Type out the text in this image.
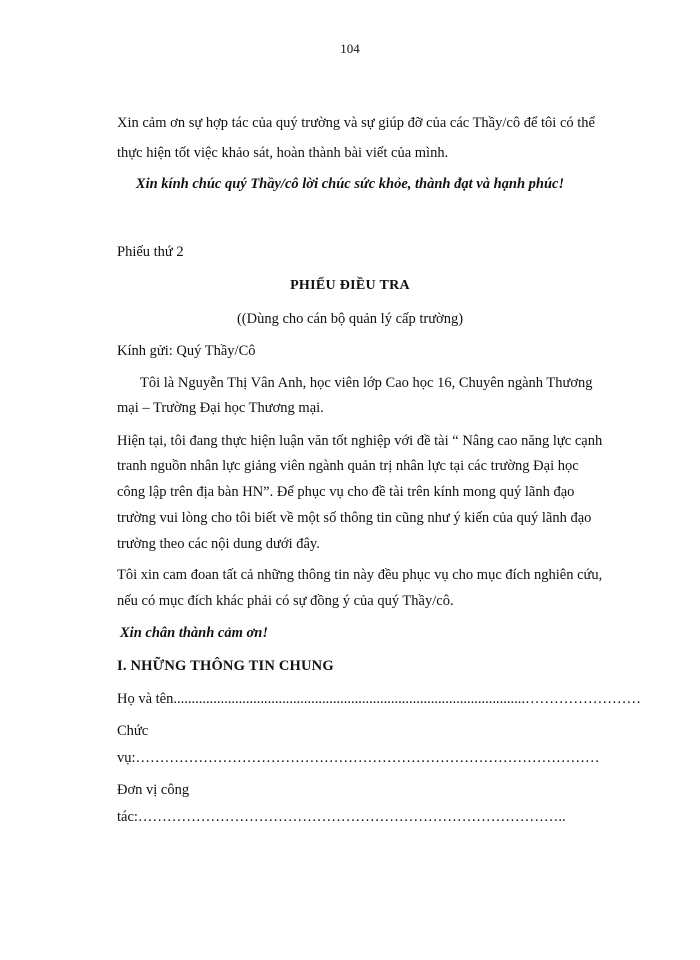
104
Xin cảm ơn sự hợp tác của quý trường và sự giúp đỡ của các Thầy/cô để tôi có thể
thực hiện tốt việc khảo sát, hoàn thành bài viết của mình.
Xin kính chúc quý Thầy/cô lời chúc sức khỏe, thành đạt và hạnh phúc!
Phiếu thứ 2
PHIẾU ĐIỀU TRA
((Dùng cho cán bộ quản lý cấp trường)
Kính gửi: Quý Thầy/Cô
Tôi là Nguyễn Thị Vân Anh, học viên lớp Cao học 16, Chuyên ngành Thương
mại – Trường Đại học Thương mại.
Hiện tại, tôi đang thực hiện luận văn tốt nghiệp với đề tài “ Nâng cao năng lực cạnh
tranh nguồn nhân lực giảng viên ngành quản trị nhân lực tại các trường Đại học
công lập trên địa bàn HN”. Để phục vụ cho đề tài trên kính mong quý lãnh đạo
trường vui lòng cho tôi biết về một số thông tin cũng như ý kiến của quý lãnh đạo
trường theo các nội dung dưới đây.
Tôi xin cam đoan tất cả những thông tin này đều phục vụ cho mục đích nghiên cứu,
nếu có mục đích khác phải có sự đồng ý của quý Thầy/cô.
Xin chân thành cảm ơn!
I. NHỮNG THÔNG TIN CHUNG
Họ và tên.................................................................................................……………………
Chức
vụ:……………………………………………………………………………………
Đơn vị công
tác:……………………………………………………………………………..
